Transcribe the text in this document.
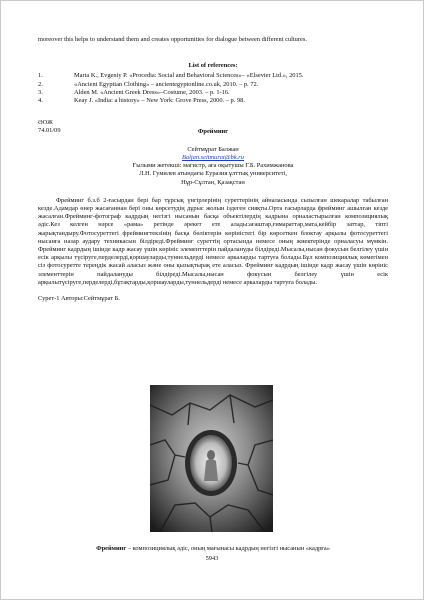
moreover this helps to understand them and creates opportunities for dialogue between different cultures.

List of references:

1.	Maria K., Evgeniy P. «Procedia: Social and Behavioral Sciences»– «Elsevier Ltd.», 2015.
2.	«Ancient Egyptian Clothing» – ancientegyptonline.co.uk, 2010. – p. 72.
3.	Alden M. «Ancient Greek Dress»–Costume, 2003. – p. 1-16.
4.	Keay J. «India: a history» – New York: Grove Press, 2000. – p. 98.
ӘОЖ
74.01/09	Фрейминг
Сейтмұрат Балжан
Baljan.seitmurat@bk.ru
Ғылыми жетекші: магистр, аға оқытушы Г.Б. Рахимжанова
Л.Н. Гумилев атындағы Еуразия ұлттық университеті,
Нұр-Сұлтан, Қазақстан

Фрейминг б.з.б 2-ғасырдан бері бар тұрсық үнгірлерінің суреттерінің айналасында сызылған шекаралар табылған кезде.Адамдар өнер жасағаннан бері оны көрсетудің дұрыс жолын іздеген сияқты.Орта ғасырларда фрейминг ашылған кезде жасалған.Фрейминг-фотограф кадрдың негізгі нысанын басқа объектілердің кадрына орналастырылған композициялық әдіс.Кез келген нәрсе «рама» ретінде әрекет ете алады:ағаштар,ғимараттар,мата,кейбір заттар, тіпті жарықтандыру.Фотосуреттегі фреймингтекзінің басқа бөліктерін көріністегі бір көрсеткен блоктау арқылы фотосуреттегі нысанға назар аудару техникасын білдіреді.Фрейминг суреттің ортасында немесе оның жиектерінде орналасуы мүмкін. Фрейминг кадрдың ішінде кадр жасау үшін көрініс элементтерін пайдалануды білдіреді.Мысалы,нысан фокусын белгілеу үшін есік арқылы түсіруге,перделерді,қоршауларды,туннельдерді немесе аркаларды тартуға болады.Бұл композициялық көмегімен сіз фотосуретте тереңдік жасай аласыз және оны қызықтырақ ете аласыз. Фрейминг кадрдың ішінде кадр жасау үшін көрініс элементтерін пайдалануды білдіреді.Мысалы,нысан фокусын белгілеу үшін есік арқылытүсіруге,перделерді,бұтақтарды,қоршауларды,туннельдерді немесе аркаларды тартуға болады.

Сурет-1 Авторы:Сейтмұрат Б.
Фрейминг – композициялық әдіс, оның мағынасы кадрдың негізгі нысанын «кадрға»
5943
